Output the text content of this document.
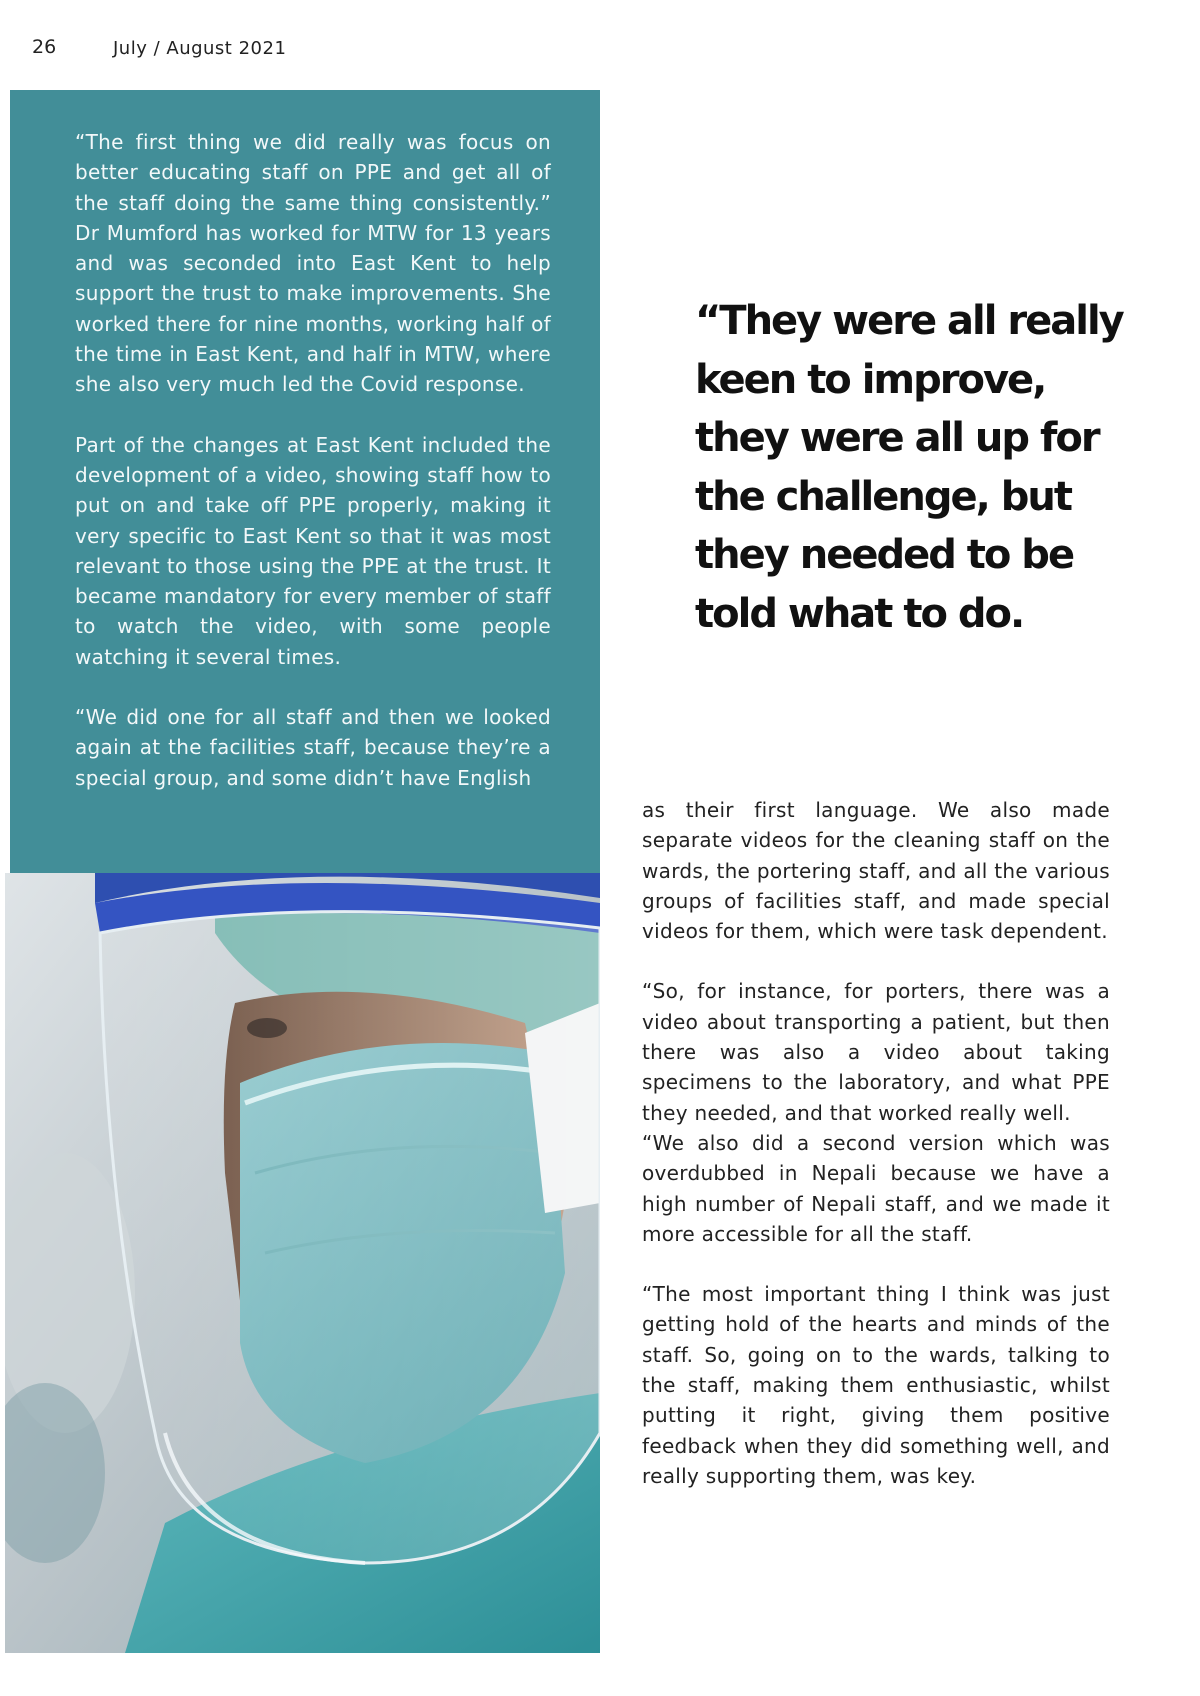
26	July / August 2021

“The first thing we did really was focus on better educating staff on PPE and get all of the staff doing the same thing consistently.” Dr Mumford has worked for MTW for 13 years and was seconded into East Kent to help support the trust to make improvements. She worked there for nine months, working half of the time in East Kent, and half in MTW, where she also very much led the Covid response.

Part of the changes at East Kent included the development of a video, showing staff how to put on and take off PPE properly, making it very specific to East Kent so that it was most relevant to those using the PPE at the trust. It became mandatory for every member of staff to watch the video, with some people watching it several times.

“We did one for all staff and then we looked again at the facilities staff, because they’re a special group, and some didn’t have English

“They were all really
keen to improve,
they were all up for
the challenge, but
they needed to be
told what to do.

as their first language. We also made separate videos for the cleaning staff on the wards, the portering staff, and all the various groups of facilities staff, and made special videos for them, which were task dependent.

“So, for instance, for porters, there was a video about transporting a patient, but then there was also a video about taking specimens to the laboratory, and what PPE they needed, and that worked really well.

“We also did a second version which was overdubbed in Nepali because we have a high number of Nepali staff, and we made it more accessible for all the staff.

“The most important thing I think was just getting hold of the hearts and minds of the staff. So, going on to the wards, talking to the staff, making them enthusiastic, whilst putting it right, giving them positive feedback when they did something well, and really supporting them, was key.
